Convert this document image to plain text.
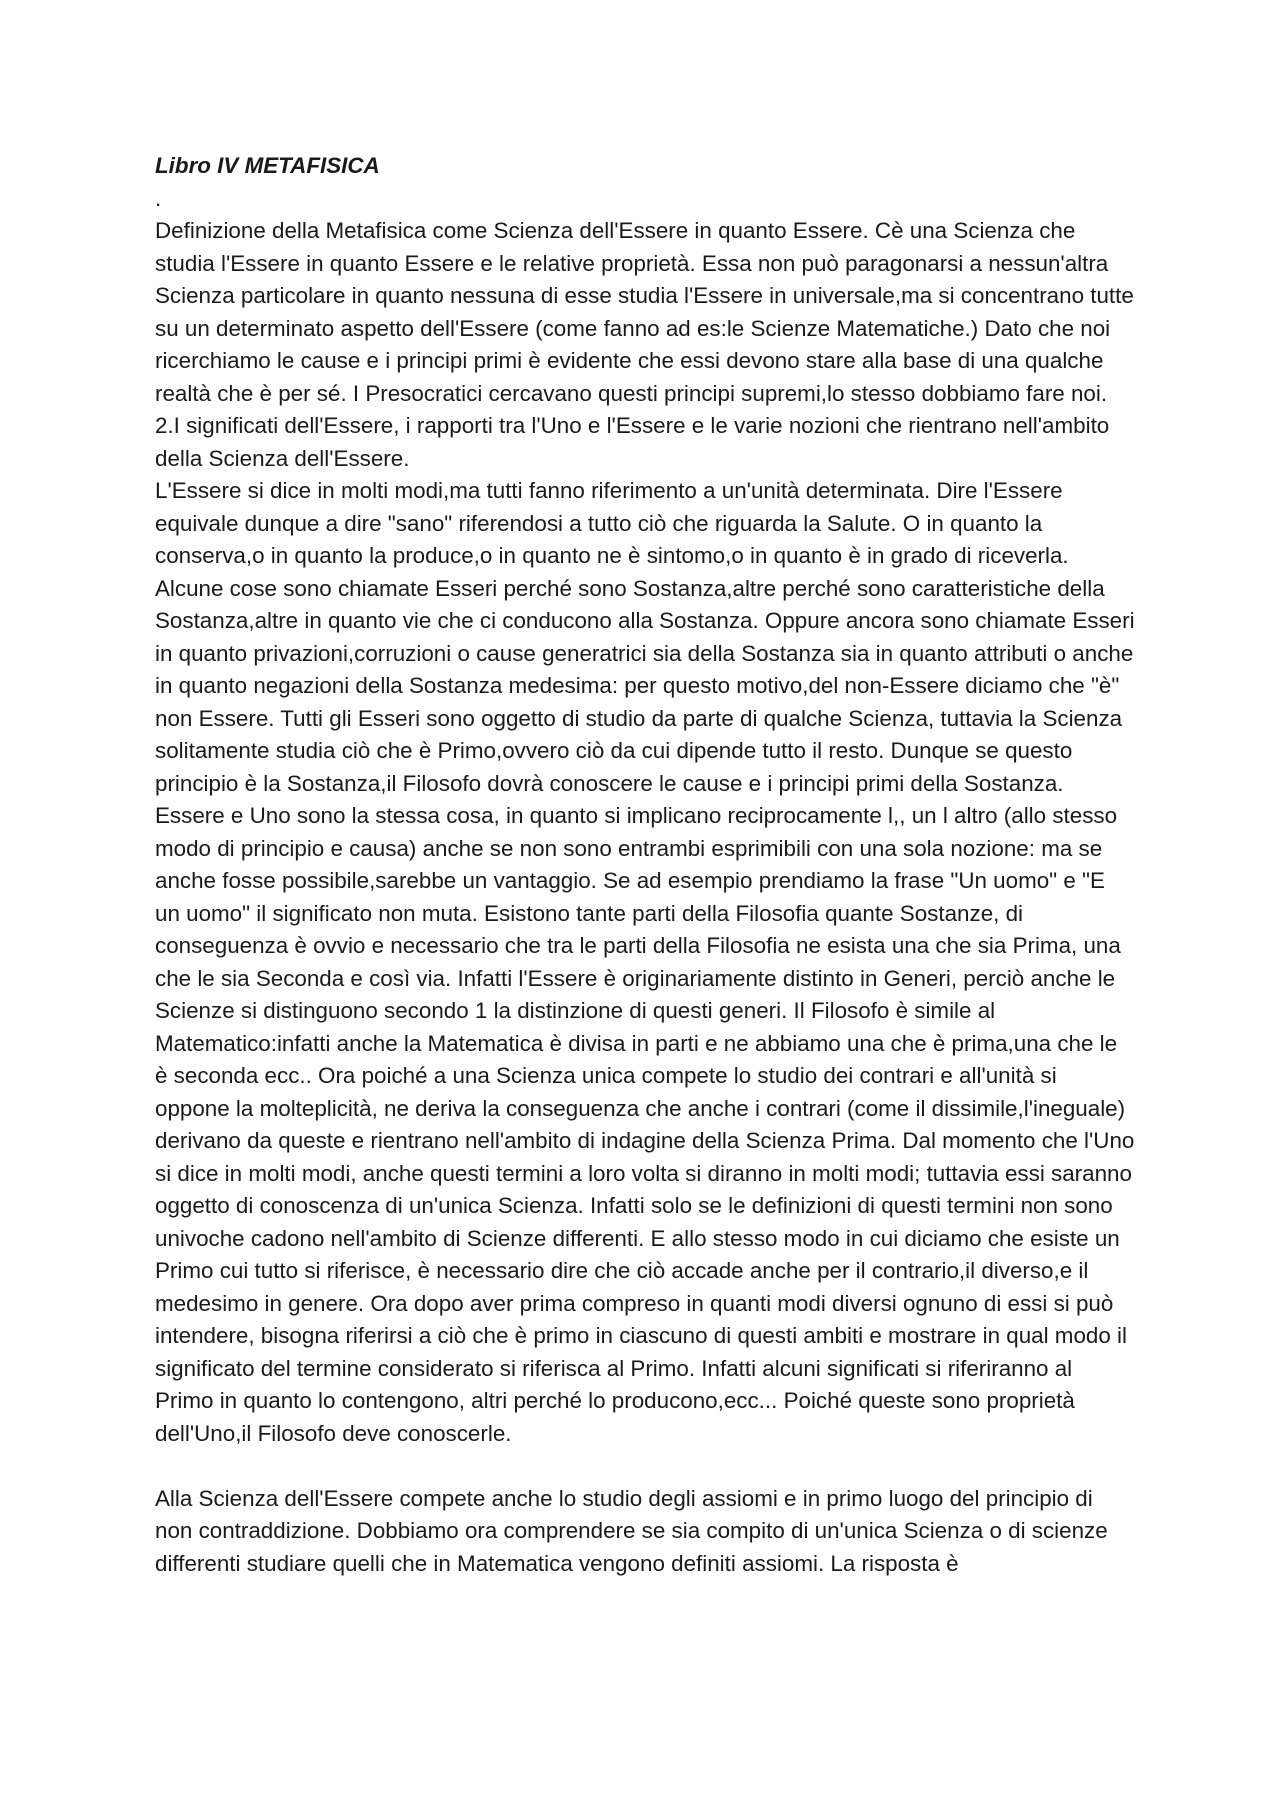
Libro IV METAFISICA

.

Definizione della Metafisica come Scienza dell'Essere in quanto Essere. Cè una Scienza che studia l'Essere in quanto Essere e le relative proprietà. Essa non può paragonarsi a nessun'altra Scienza particolare in quanto nessuna di esse studia l'Essere in universale,ma si concentrano tutte su un determinato aspetto dell'Essere (come fanno ad es:le Scienze Matematiche.) Dato che noi ricerchiamo le cause e i principi primi è evidente che essi devono stare alla base di una qualche realtà che è per sé. I Presocratici cercavano questi principi supremi,lo stesso dobbiamo fare noi. 2.I significati dell'Essere, i rapporti tra l'Uno e l'Essere e le varie nozioni che rientrano nell'ambito della Scienza dell'Essere.

L'Essere si dice in molti modi,ma tutti fanno riferimento a un'unità determinata. Dire l'Essere equivale dunque a dire "sano" riferendosi a tutto ciò che riguarda la Salute. O in quanto la conserva,o in quanto la produce,o in quanto ne è sintomo,o in quanto è in grado di riceverla. Alcune cose sono chiamate Esseri perché sono Sostanza,altre perché sono caratteristiche della Sostanza,altre in quanto vie che ci conducono alla Sostanza. Oppure ancora sono chiamate Esseri in quanto privazioni,corruzioni o cause generatrici sia della Sostanza sia in quanto attributi o anche in quanto negazioni della Sostanza medesima: per questo motivo,del non-Essere diciamo che "è" non Essere. Tutti gli Esseri sono oggetto di studio da parte di qualche Scienza, tuttavia la Scienza solitamente studia ciò che è Primo,ovvero ciò da cui dipende tutto il resto. Dunque se questo principio è la Sostanza,il Filosofo dovrà conoscere le cause e i principi primi della Sostanza. Essere e Uno sono la stessa cosa, in quanto si implicano reciprocamente l,, un l altro (allo stesso modo di principio e causa) anche se non sono entrambi esprimibili con una sola nozione: ma se anche fosse possibile,sarebbe un vantaggio. Se ad esempio prendiamo la frase "Un uomo" e "E un uomo" il significato non muta. Esistono tante parti della Filosofia quante Sostanze, di conseguenza è ovvio e necessario che tra le parti della Filosofia ne esista una che sia Prima, una che le sia Seconda e così via. Infatti l'Essere è originariamente distinto in Generi, perciò anche le Scienze si distinguono secondo 1 la distinzione di questi generi. Il Filosofo è simile al Matematico:infatti anche la Matematica è divisa in parti e ne abbiamo una che è prima,una che le è seconda ecc.. Ora poiché a una Scienza unica compete lo studio dei contrari e all'unità si oppone la molteplicità, ne deriva la conseguenza che anche i contrari (come il dissimile,l'ineguale) derivano da queste e rientrano nell'ambito di indagine della Scienza Prima. Dal momento che l'Uno si dice in molti modi, anche questi termini a loro volta si diranno in molti modi; tuttavia essi saranno oggetto di conoscenza di un'unica Scienza. Infatti solo se le definizioni di questi termini non sono univoche cadono nell'ambito di Scienze differenti. E allo stesso modo in cui diciamo che esiste un Primo cui tutto si riferisce, è necessario dire che ciò accade anche per il contrario,il diverso,e il medesimo in genere. Ora dopo aver prima compreso in quanti modi diversi ognuno di essi si può intendere, bisogna riferirsi a ciò che è primo in ciascuno di questi ambiti e mostrare in qual modo il significato del termine considerato si riferisca al Primo. Infatti alcuni significati si riferiranno al Primo in quanto lo contengono, altri perché lo producono,ecc... Poiché queste sono proprietà dell'Uno,il Filosofo deve conoscerle.

Alla Scienza dell'Essere compete anche lo studio degli assiomi e in primo luogo del principio di non contraddizione. Dobbiamo ora comprendere se sia compito di un'unica Scienza o di scienze differenti studiare quelli che in Matematica vengono definiti assiomi. La risposta è
